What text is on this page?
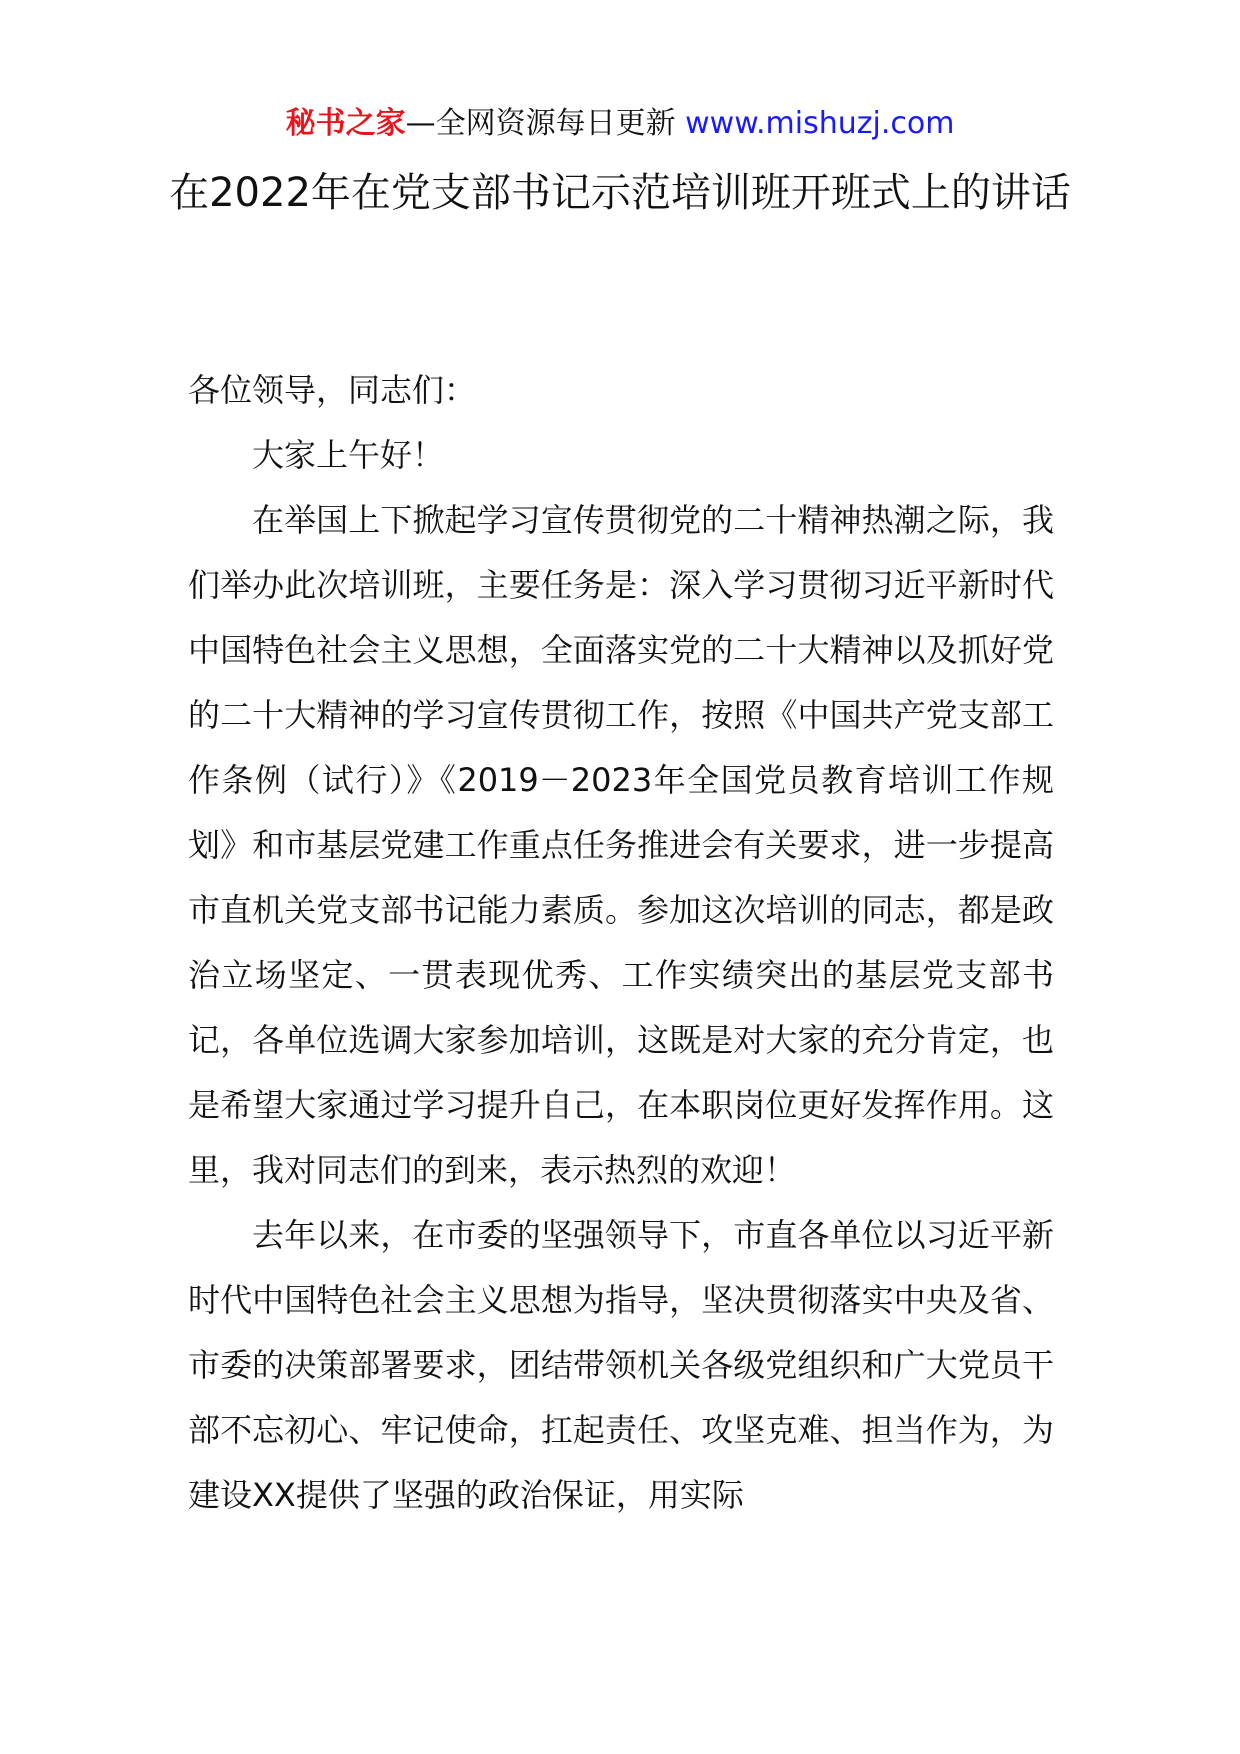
秘书之家—全网资源每日更新 www.mishuzj.com
在2022年在党支部书记示范培训班开班式上的讲话

各位领导，同志们：

大家上午好！

在举国上下掀起学习宣传贯彻党的二十精神热潮之际，我们举办此次培训班，主要任务是：深入学习贯彻习近平新时代中国特色社会主义思想，全面落实党的二十大精神以及抓好党的二十大精神的学习宣传贯彻工作，按照《中国共产党支部工作条例（试行）》《2019－2023年全国党员教育培训工作规划》和市基层党建工作重点任务推进会有关要求，进一步提高市直机关党支部书记能力素质。参加这次培训的同志，都是政治立场坚定、一贯表现优秀、工作实绩突出的基层党支部书记，各单位选调大家参加培训，这既是对大家的充分肯定，也是希望大家通过学习提升自己，在本职岗位更好发挥作用。这里，我对同志们的到来，表示热烈的欢迎！

去年以来，在市委的坚强领导下，市直各单位以习近平新时代中国特色社会主义思想为指导，坚决贯彻落实中央及省、市委的决策部署要求，团结带领机关各级党组织和广大党员干部不忘初心、牢记使命，扛起责任、攻坚克难、担当作为，为建设XX提供了坚强的政治保证，用实际
